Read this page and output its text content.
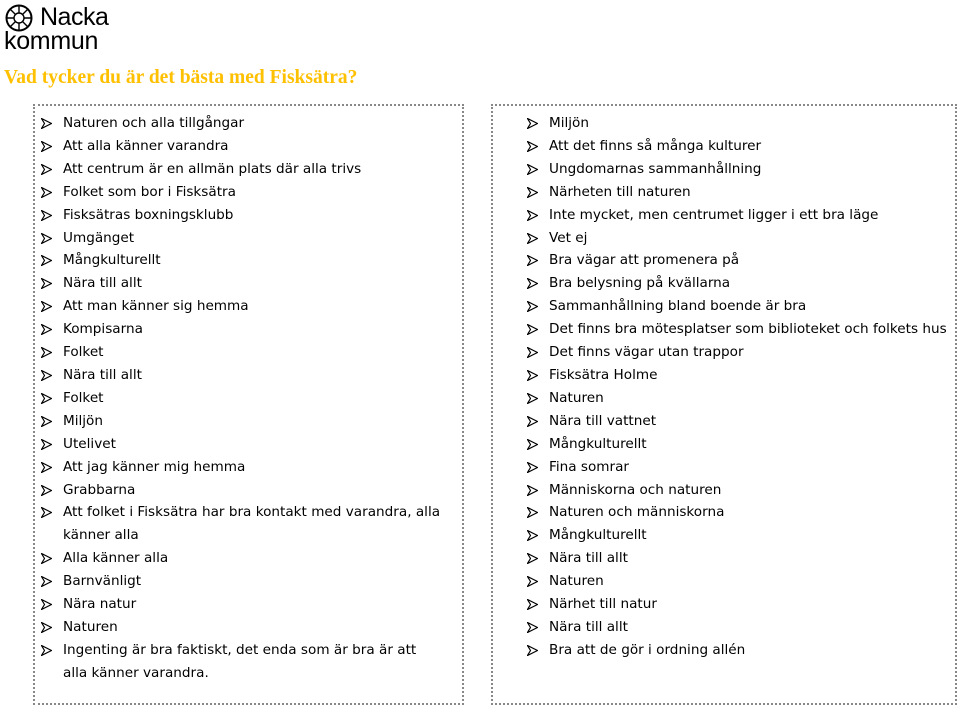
Nacka
kommun
Vad tycker du är det bästa med Fisksätra?
Naturen och alla tillgångar
Att alla känner varandra
Att centrum är en allmän plats där alla trivs
Folket som bor i Fisksätra
Fisksätras boxningsklubb
Umgänget
Mångkulturellt
Nära till allt
Att man känner sig hemma
Kompisarna
Folket
Nära till allt
Folket
Miljön
Utelivet
Att jag känner mig hemma
Grabbarna
Att folket i Fisksätra har bra kontakt med varandra, alla känner alla
Alla känner alla
Barnvänligt
Nära natur
Naturen
Ingenting är bra faktiskt, det enda som är bra är att alla känner varandra.
Miljön
Att det finns så många kulturer
Ungdomarnas sammanhållning
Närheten till naturen
Inte mycket, men centrumet ligger i ett bra läge
Vet ej
Bra vägar att promenera på
Bra belysning på kvällarna
Sammanhållning bland boende är bra
Det finns bra mötesplatser som biblioteket och folkets hus
Det finns vägar utan trappor
Fisksätra Holme
Naturen
Nära till vattnet
Mångkulturellt
Fina somrar
Människorna och naturen
Naturen och människorna
Mångkulturellt
Nära till allt
Naturen
Närhet till natur
Nära till allt
Bra att de gör i ordning allén
